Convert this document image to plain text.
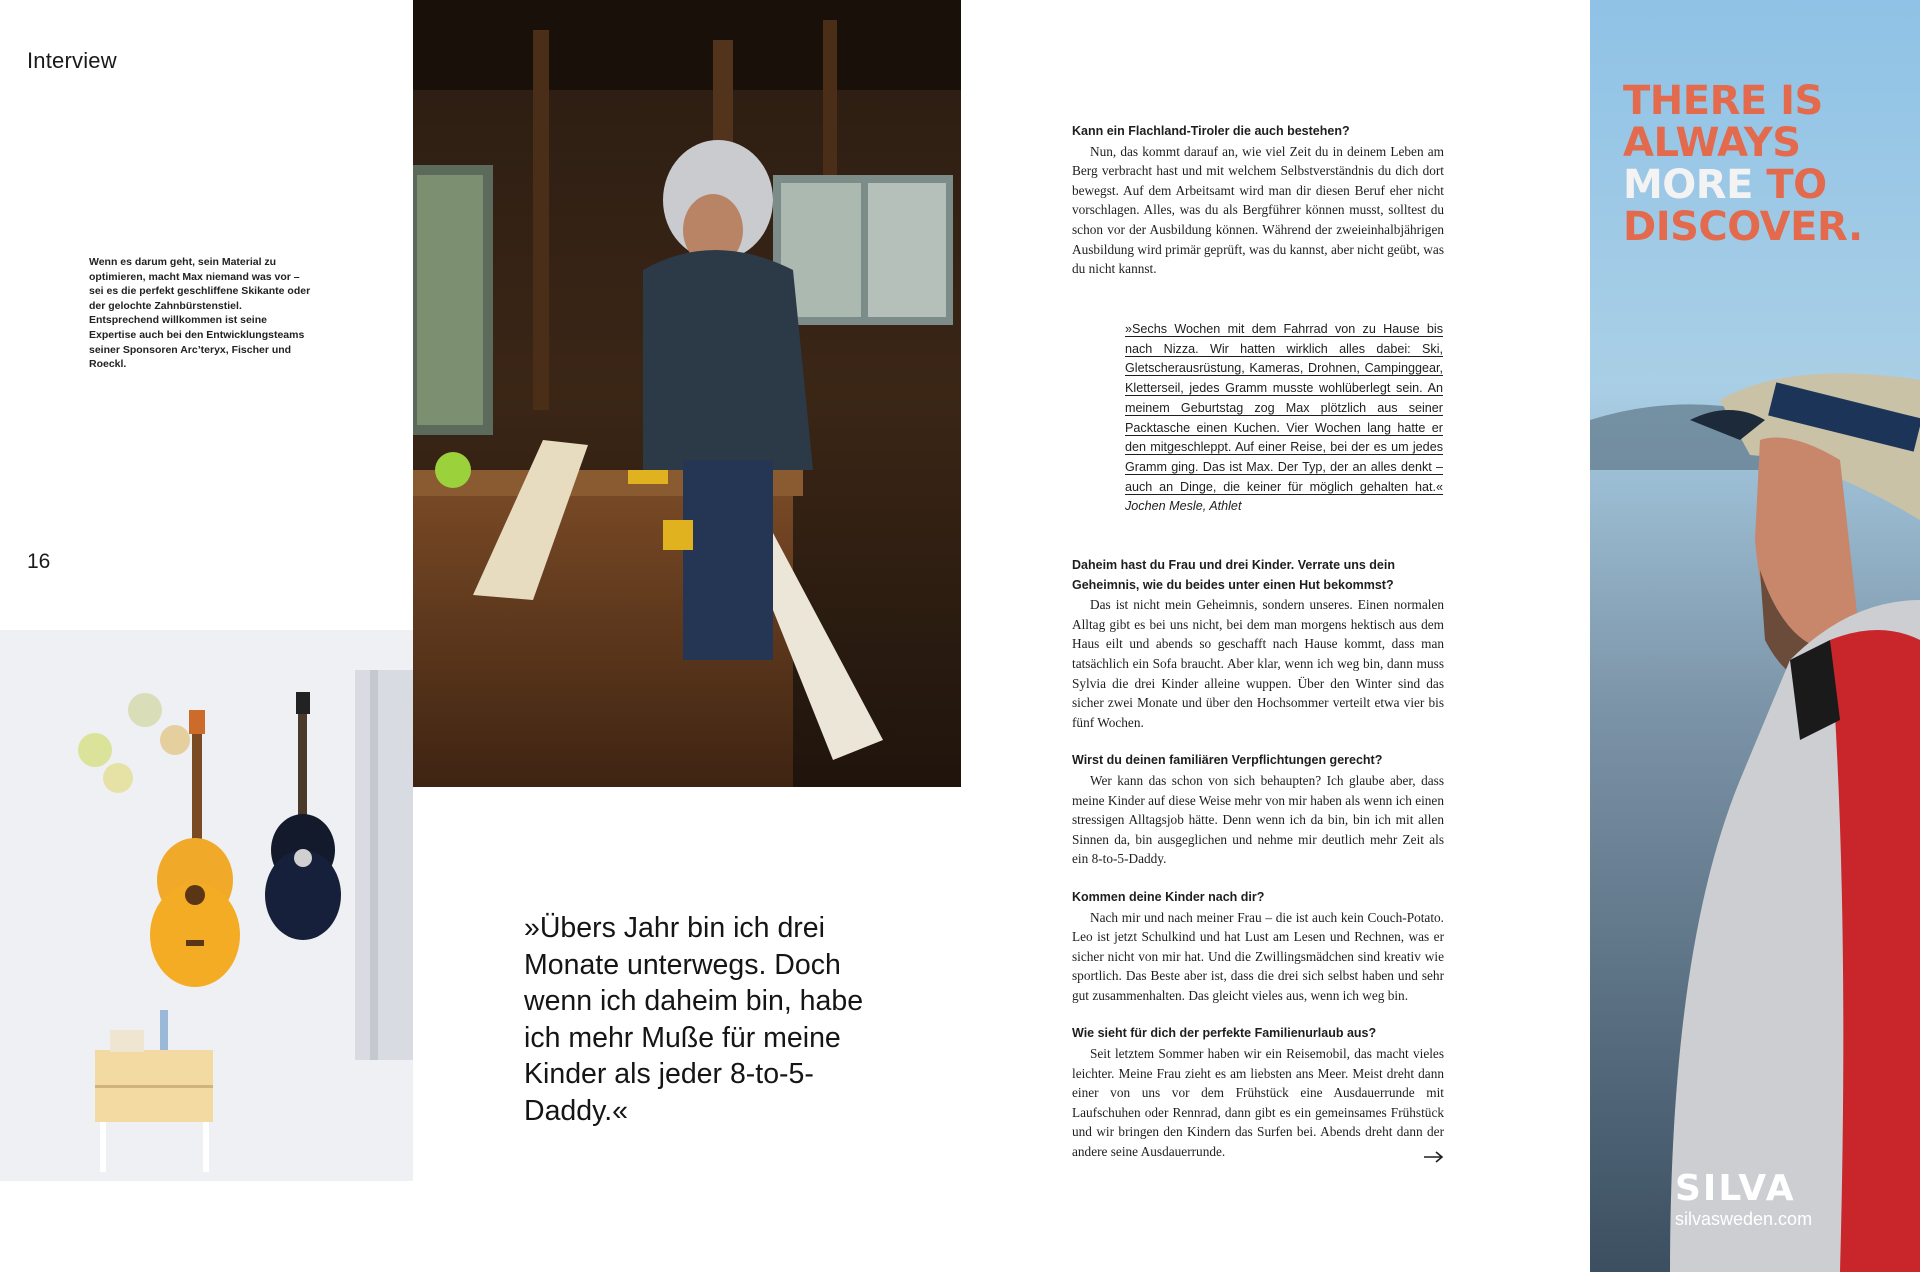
Interview
Wenn es darum geht, sein Material zu optimieren, macht Max niemand was vor – sei es die perfekt geschliffene Skikante oder der gelochte Zahnbürstenstiel. Entsprechend willkommen ist seine Expertise auch bei den Entwicklungsteams seiner Sponsoren Arc’teryx, Fischer und Roeckl.
16
»Übers Jahr bin ich drei Monate unterwegs. Doch wenn ich daheim bin, habe ich mehr Muße für meine Kinder als jeder 8-to-5-Daddy.«
Kann ein Flachland-Tiroler die auch bestehen?
Nun, das kommt darauf an, wie viel Zeit du in deinem Leben am Berg verbracht hast und mit welchem Selbstverständnis du dich dort bewegst. Auf dem Arbeitsamt wird man dir diesen Beruf eher nicht vorschlagen. Alles, was du als Bergführer können musst, solltest du schon vor der Ausbildung können. Während der zweieinhalbjährigen Ausbildung wird primär geprüft, was du kannst, aber nicht geübt, was du nicht kannst.
»Sechs Wochen mit dem Fahrrad von zu Hause bis nach Nizza. Wir hatten wirklich alles dabei: Ski, Gletscherausrüstung, Kameras, Drohnen, Campinggear, Kletterseil, jedes Gramm musste wohlüberlegt sein. An meinem Geburtstag zog Max plötzlich aus seiner Packtasche einen Kuchen. Vier Wochen lang hatte er den mitgeschleppt. Auf einer Reise, bei der es um jedes Gramm ging. Das ist Max. Der Typ, der an alles denkt – auch an Dinge, die keiner für möglich gehalten hat.« Jochen Mesle, Athlet
Daheim hast du Frau und drei Kinder. Verrate uns dein Geheimnis, wie du beides unter einen Hut bekommst?
Das ist nicht mein Geheimnis, sondern unseres. Einen normalen Alltag gibt es bei uns nicht, bei dem man morgens hektisch aus dem Haus eilt und abends so geschafft nach Hause kommt, dass man tatsächlich ein Sofa braucht. Aber klar, wenn ich weg bin, dann muss Sylvia die drei Kinder alleine wuppen. Über den Winter sind das sicher zwei Monate und über den Hochsommer verteilt etwa vier bis fünf Wochen.
Wirst du deinen familiären Verpflichtungen gerecht?
Wer kann das schon von sich behaupten? Ich glaube aber, dass meine Kinder auf diese Weise mehr von mir haben als wenn ich einen stressigen Alltagsjob hätte. Denn wenn ich da bin, bin ich mit allen Sinnen da, bin ausgeglichen und nehme mir deutlich mehr Zeit als ein 8-to-5-Daddy.
Kommen deine Kinder nach dir?
Nach mir und nach meiner Frau – die ist auch kein Couch-Potato. Leo ist jetzt Schulkind und hat Lust am Lesen und Rechnen, was er sicher nicht von mir hat. Und die Zwillingsmädchen sind kreativ wie sportlich. Das Beste aber ist, dass die drei sich selbst haben und sehr gut zusammenhalten. Das gleicht vieles aus, wenn ich weg bin.
Wie sieht für dich der perfekte Familienurlaub aus?
Seit letztem Sommer haben wir ein Reisemobil, das macht vieles leichter. Meine Frau zieht es am liebsten ans Meer. Meist dreht dann einer von uns vor dem Frühstück eine Ausdauerrunde mit Laufschuhen oder Rennrad, dann gibt es ein gemeinsames Frühstück und wir bringen den Kindern das Surfen bei. Abends dreht dann der andere seine Ausdauerrunde.
THERE IS
ALWAYS
MORE TO
DISCOVER.
SILVA
silvasweden.com
